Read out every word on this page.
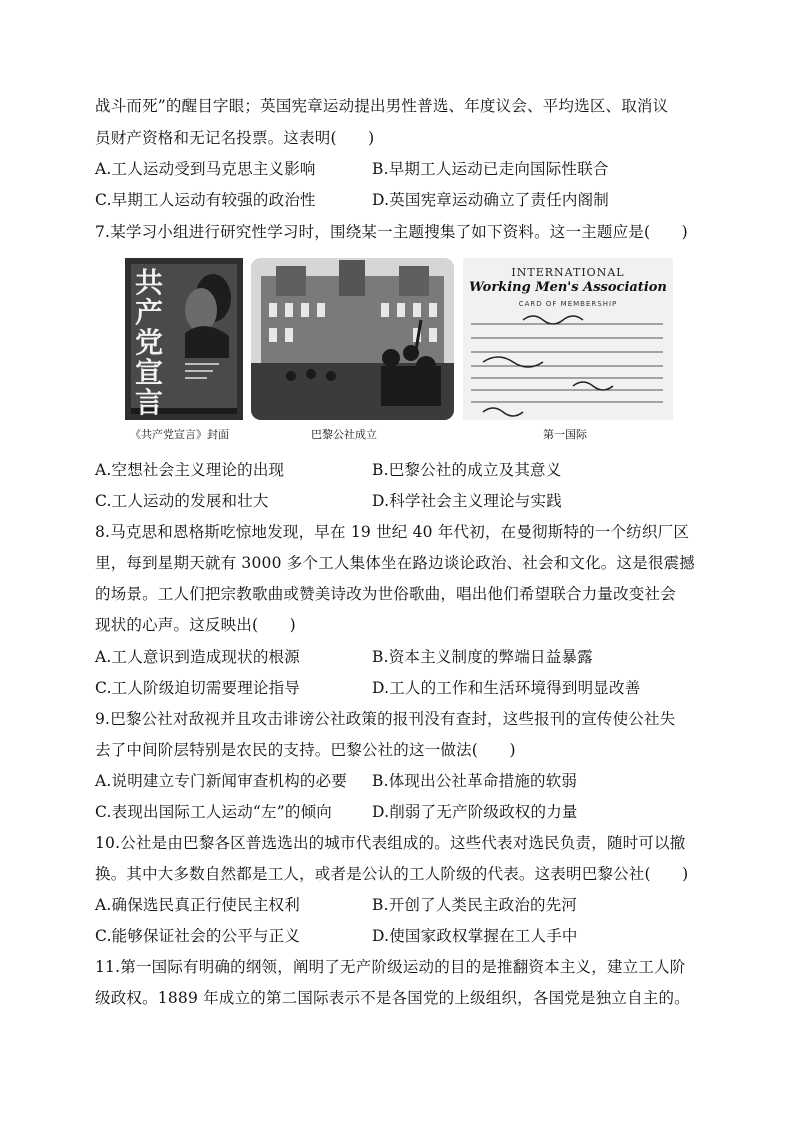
战斗而死”的醒目字眼；英国宪章运动提出男性普选、年度议会、平均选区、取消议
员财产资格和无记名投票。这表明(　　)
A.工人运动受到马克思主义影响	B.早期工人运动已走向国际性联合
C.早期工人运动有较强的政治性	D.英国宪章运动确立了责任内阁制
7.某学习小组进行研究性学习时，围绕某一主题搜集了如下资料。这一主题应是(　　)
共产党宣言
INTERNATIONAL
Working Men's Association
CARD OF MEMBERSHIP
《共产党宣言》封面	巴黎公社成立	第一国际
A.空想社会主义理论的出现	B.巴黎公社的成立及其意义
C.工人运动的发展和壮大	D.科学社会主义理论与实践
8.马克思和恩格斯吃惊地发现，早在 19 世纪 40 年代初，在曼彻斯特的一个纺织厂区
里，每到星期天就有 3000 多个工人集体坐在路边谈论政治、社会和文化。这是很震撼
的场景。工人们把宗教歌曲或赞美诗改为世俗歌曲，唱出他们希望联合力量改变社会
现状的心声。这反映出(　　)
A.工人意识到造成现状的根源	B.资本主义制度的弊端日益暴露
C.工人阶级迫切需要理论指导	D.工人的工作和生活环境得到明显改善
9.巴黎公社对敌视并且攻击诽谤公社政策的报刊没有查封，这些报刊的宣传使公社失
去了中间阶层特别是农民的支持。巴黎公社的这一做法(　　)
A.说明建立专门新闻审查机构的必要 B.体现出公社革命措施的软弱
C.表现出国际工人运动“左”的倾向	D.削弱了无产阶级政权的力量
10.公社是由巴黎各区普选选出的城市代表组成的。这些代表对选民负责，随时可以撤
换。其中大多数自然都是工人，或者是公认的工人阶级的代表。这表明巴黎公社(　　)
A.确保选民真正行使民主权利	B.开创了人类民主政治的先河
C.能够保证社会的公平与正义	D.使国家政权掌握在工人手中
11.第一国际有明确的纲领，阐明了无产阶级运动的目的是推翻资本主义，建立工人阶
级政权。1889 年成立的第二国际表示不是各国党的上级组织，各国党是独立自主的。
